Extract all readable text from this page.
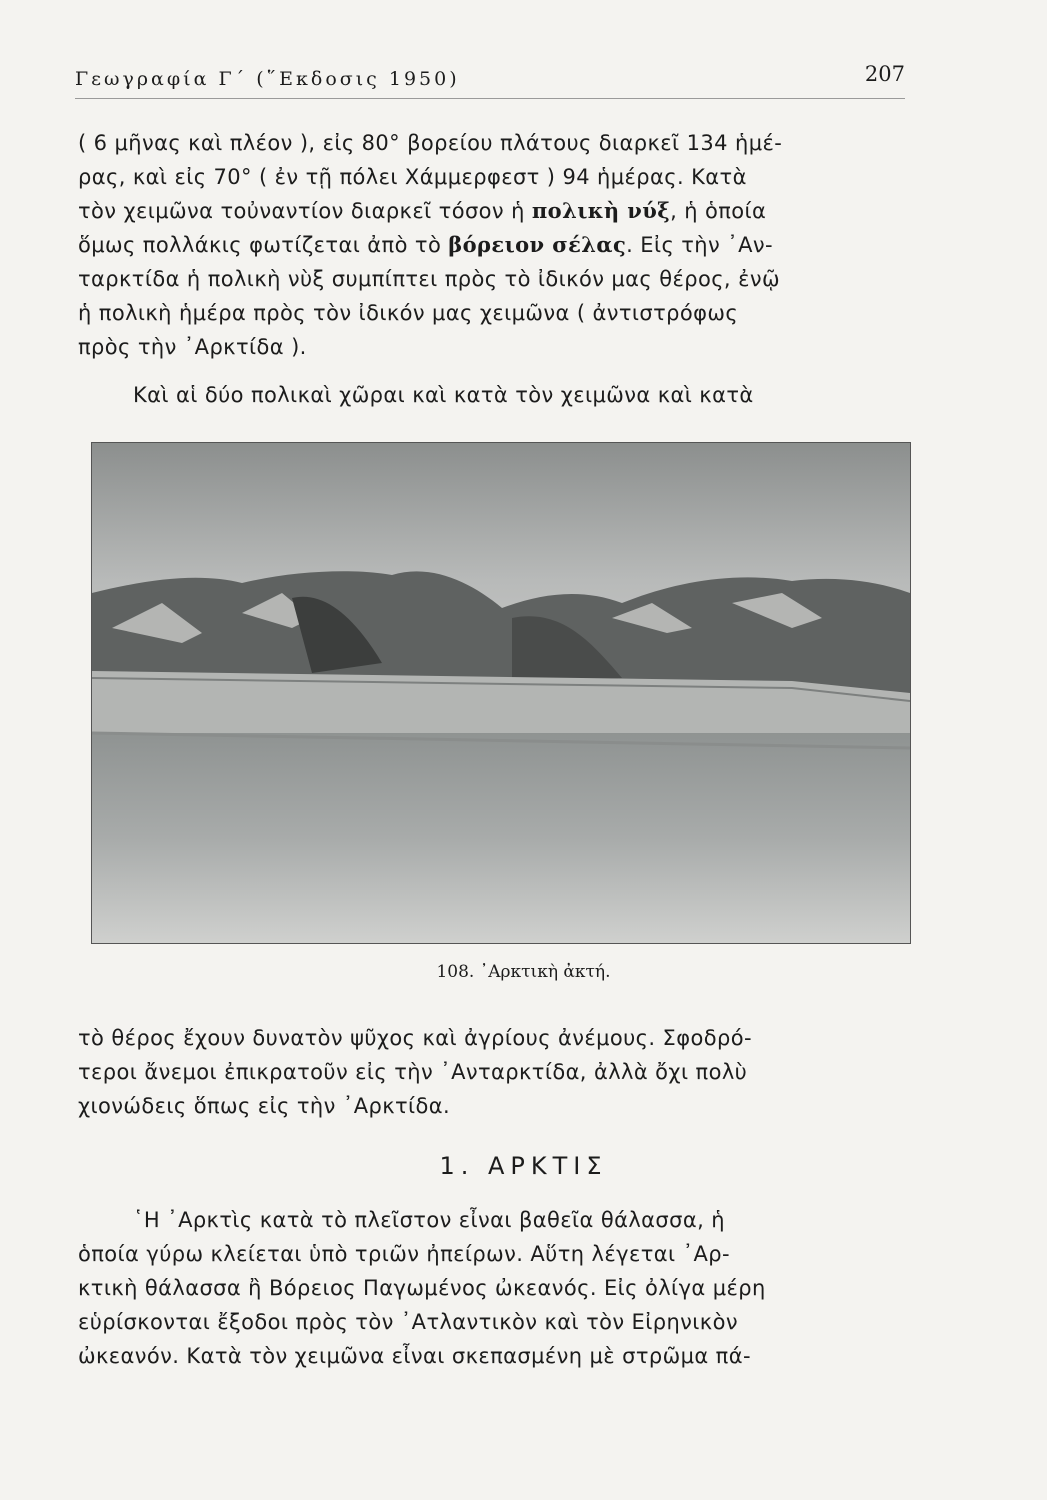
Γεωγραφία Γ΄ (῞Εκδοσις 1950)	207

( 6 μῆνας καὶ πλέον ), εἰς 80° βορείου πλάτους διαρκεῖ 134 ἡμέ-
ρας, καὶ εἰς 70° ( ἐν τῇ πόλει Χάμμερφεστ ) 94 ἡμέρας. Κατὰ
τὸν χειμῶνα τοὐναντίον διαρκεῖ τόσον ἡ πολικὴ νύξ, ἡ ὁποία
ὅμως πολλάκις φωτίζεται ἀπὸ τὸ βόρειον σέλας. Εἰς τὴν ᾿Αν-
ταρκτίδα ἡ πολικὴ νὺξ συμπίπτει πρὸς τὸ ἰδικόν μας θέρος, ἐνῷ
ἡ πολικὴ ἡμέρα πρὸς τὸν ἰδικόν μας χειμῶνα ( ἀντιστρόφως
πρὸς τὴν ᾿Αρκτίδα ).

Καὶ αἱ δύο πολικαὶ χῶραι καὶ κατὰ τὸν χειμῶνα καὶ κατὰ

108. ᾿Αρκτικὴ ἀκτή.

τὸ θέρος ἔχουν δυνατὸν ψῦχος καὶ ἀγρίους ἀνέμους. Σφοδρό-
τεροι ἄνεμοι ἐπικρατοῦν εἰς τὴν ᾿Ανταρκτίδα, ἀλλὰ ὄχι πολὺ
χιονώδεις ὅπως εἰς τὴν ᾿Αρκτίδα.

1. ΑΡΚΤΙΣ

῾Η ᾿Αρκτὶς κατὰ τὸ πλεῖστον εἶναι βαθεῖα θάλασσα, ἡ
ὁποία γύρω κλείεται ὑπὸ τριῶν ἠπείρων. Αὕτη λέγεται ᾿Αρ-
κτικὴ θάλασσα ἢ Βόρειος Παγωμένος ὠκεανός. Εἰς ὀλίγα μέρη
εὑρίσκονται ἔξοδοι πρὸς τὸν ᾿Ατλαντικὸν καὶ τὸν Εἰρηνικὸν
ὠκεανόν. Κατὰ τὸν χειμῶνα εἶναι σκεπασμένη μὲ στρῶμα πά-
